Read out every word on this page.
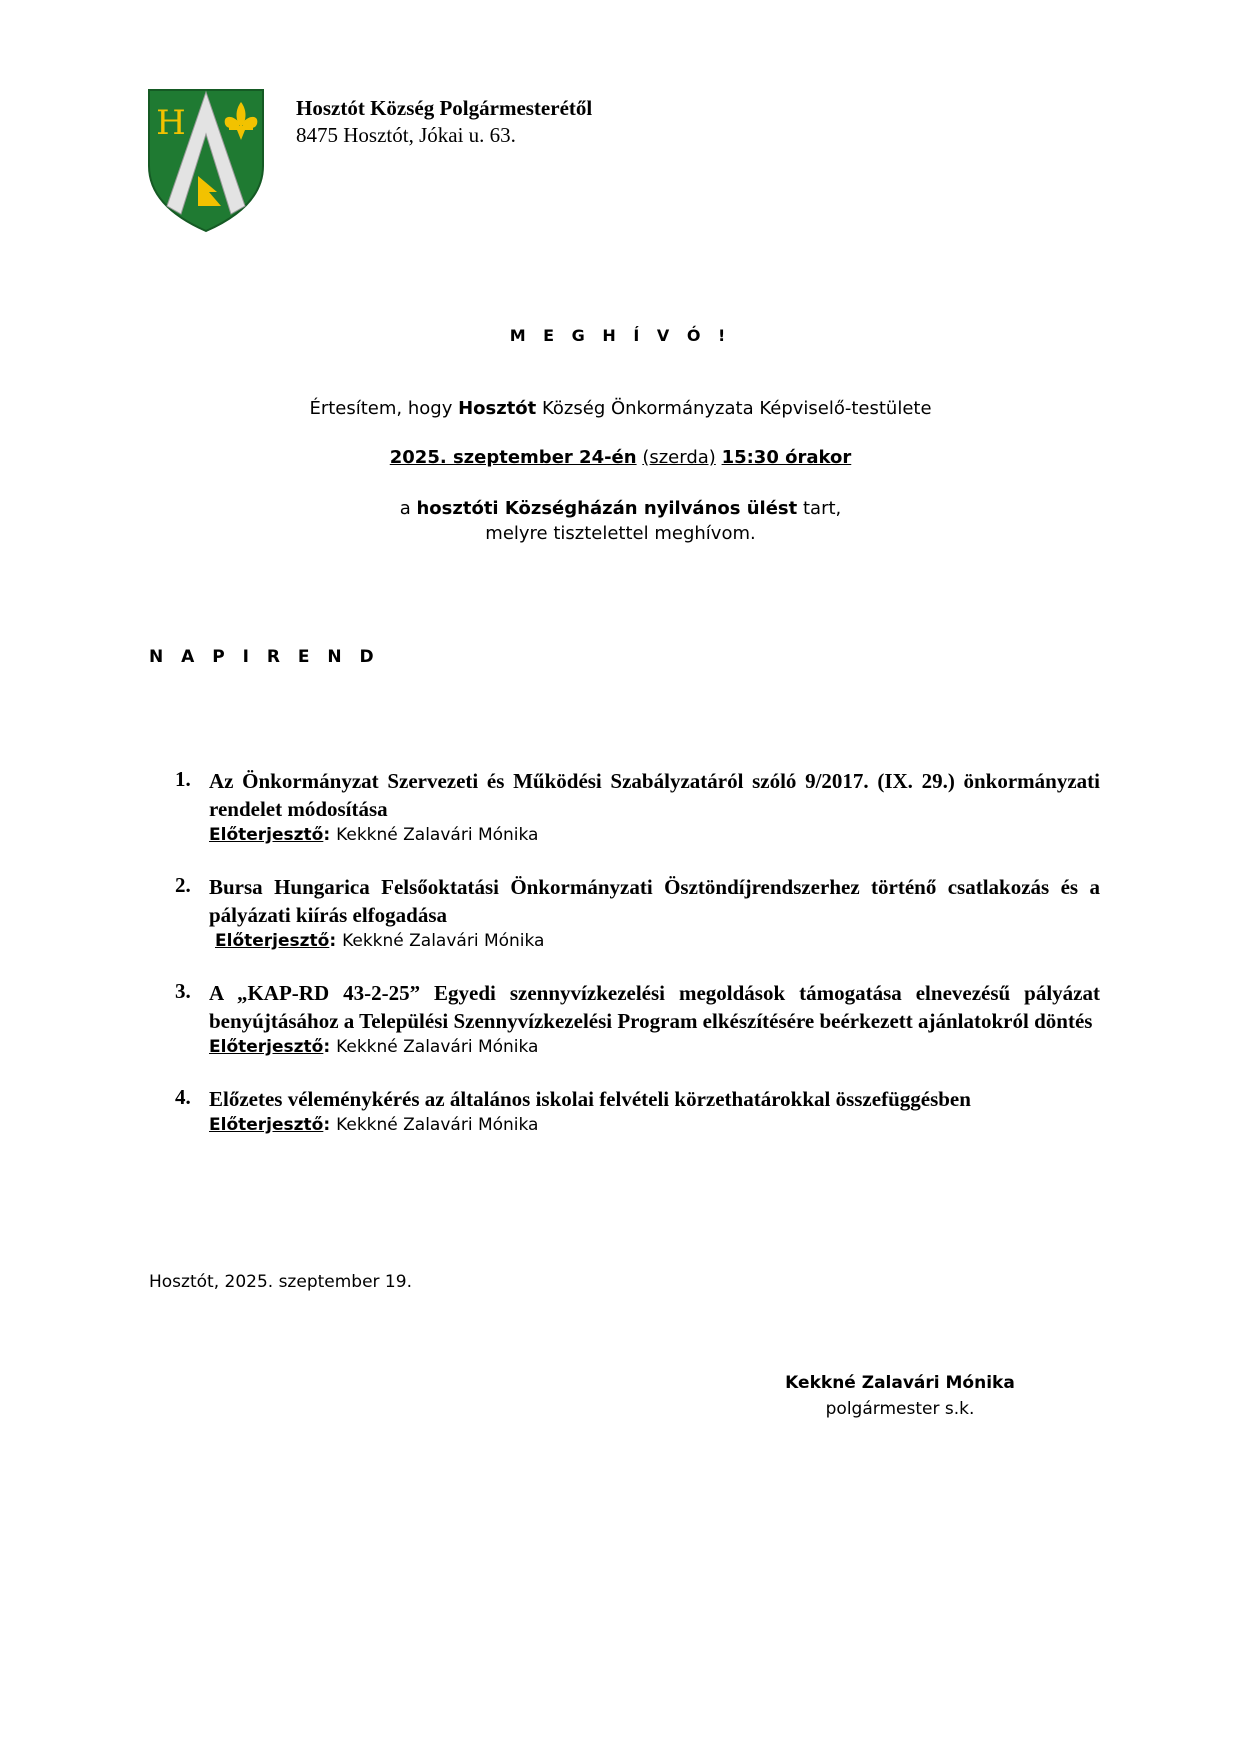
H	Hosztót Község Polgármesterétől
8475 Hosztót, Jókai u. 63.
M E G H Í V Ó !
Értesítem, hogy Hosztót Község Önkormányzata Képviselő-testülete
2025. szeptember 24-én (szerda) 15:30 órakor
a hosztóti Községházán nyilvános ülést tart,
melyre tisztelettel meghívom.
N A P I R E N D
1. Az Önkormányzat Szervezeti és Működési Szabályzatáról szóló 9/2017. (IX. 29.) önkormányzati rendelet módosítása
Előterjesztő: Kekkné Zalavári Mónika
2. Bursa Hungarica Felsőoktatási Önkormányzati Ösztöndíjrendszerhez történő csatlakozás és a pályázati kiírás elfogadása
Előterjesztő: Kekkné Zalavári Mónika
3. A „KAP-RD 43-2-25” Egyedi szennyvízkezelési megoldások támogatása elnevezésű pályázat benyújtásához a Települési Szennyvízkezelési Program elkészítésére beérkezett ajánlatokról döntés
Előterjesztő: Kekkné Zalavári Mónika
4. Előzetes véleménykérés az általános iskolai felvételi körzethatárokkal összefüggésben
Előterjesztő: Kekkné Zalavári Mónika
Hosztót, 2025. szeptember 19.
Kekkné Zalavári Mónika
polgármester s.k.
